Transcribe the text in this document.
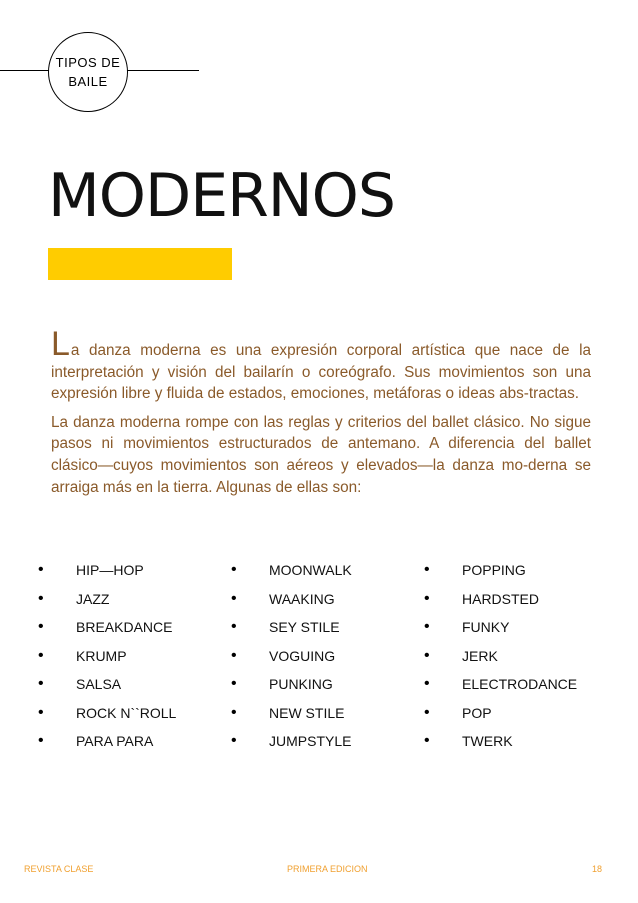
TIPOS DE
BAILE
MODERNOS

La danza moderna es una expresión corporal artística que nace de la interpretación y visión del bailarín o coreógrafo. Sus movimientos son una expresión libre y fluida de estados, emociones, metáforas o ideas abs-tractas.

La danza moderna rompe con las reglas y criterios del ballet clásico. No sigue pasos ni movimientos estructurados de antemano. A diferencia del ballet clásico—cuyos movimientos son aéreos y elevados—la danza mo-derna se arraiga más en la tierra. Algunas de ellas son:

• HIP—HOP
• JAZZ
• BREAKDANCE
• KRUMP
• SALSA
• ROCK N``ROLL
• PARA PARA
• MOONWALK
• WAAKING
• SEY STILE
• VOGUING
• PUNKING
• NEW STILE
• JUMPSTYLE
• POPPING
• HARDSTED
• FUNKY
• JERK
• ELECTRODANCE
• POP
• TWERK
REVISTA CLASE	PRIMERA EDICION	18
